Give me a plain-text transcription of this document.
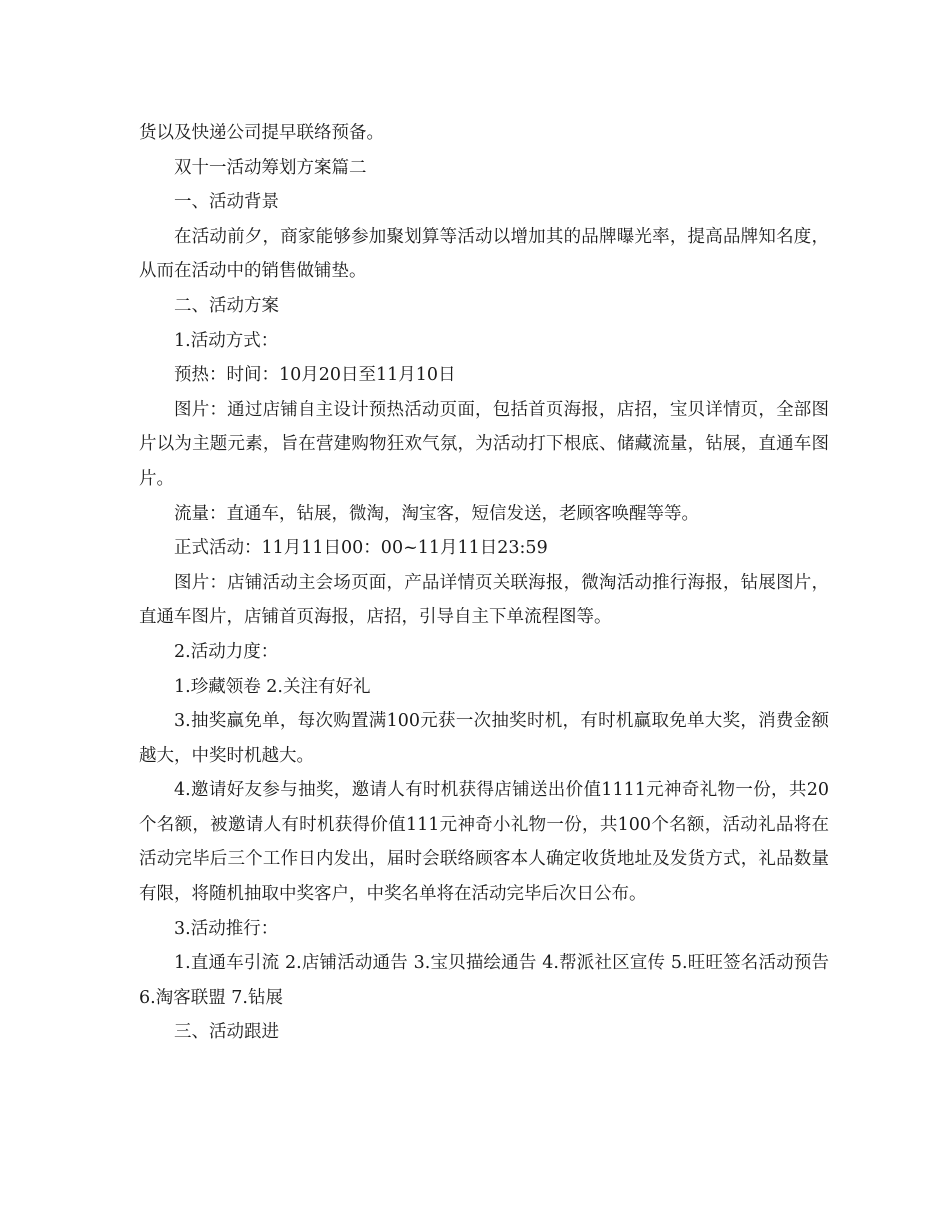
货以及快递公司提早联络预备。

双十一活动筹划方案篇二

一、活动背景

在活动前夕，商家能够参加聚划算等活动以增加其的品牌曝光率，提高品牌知名度，从而在活动中的销售做铺垫。

二、活动方案

1.活动方式：

预热：时间：10月20日至11月10日

图片：通过店铺自主设计预热活动页面，包括首页海报，店招，宝贝详情页，全部图片以为主题元素，旨在营建购物狂欢气氛，为活动打下根底、储藏流量，钻展，直通车图片。

流量：直通车，钻展，微淘，淘宝客，短信发送，老顾客唤醒等等。

正式活动：11月11日00：00~11月11日23:59

图片：店铺活动主会场页面，产品详情页关联海报，微淘活动推行海报，钻展图片，直通车图片，店铺首页海报，店招，引导自主下单流程图等。

2.活动力度：

1.珍藏领卷 2.关注有好礼

3.抽奖赢免单，每次购置满100元获一次抽奖时机，有时机赢取免单大奖，消费金额越大，中奖时机越大。

4.邀请好友参与抽奖，邀请人有时机获得店铺送出价值1111元神奇礼物一份，共20个名额，被邀请人有时机获得价值111元神奇小礼物一份，共100个名额，活动礼品将在活动完毕后三个工作日内发出，届时会联络顾客本人确定收货地址及发货方式，礼品数量有限，将随机抽取中奖客户，中奖名单将在活动完毕后次日公布。

3.活动推行：

1.直通车引流 2.店铺活动通告 3.宝贝描绘通告 4.帮派社区宣传 5.旺旺签名活动预告 6.淘客联盟 7.钻展

三、活动跟进
